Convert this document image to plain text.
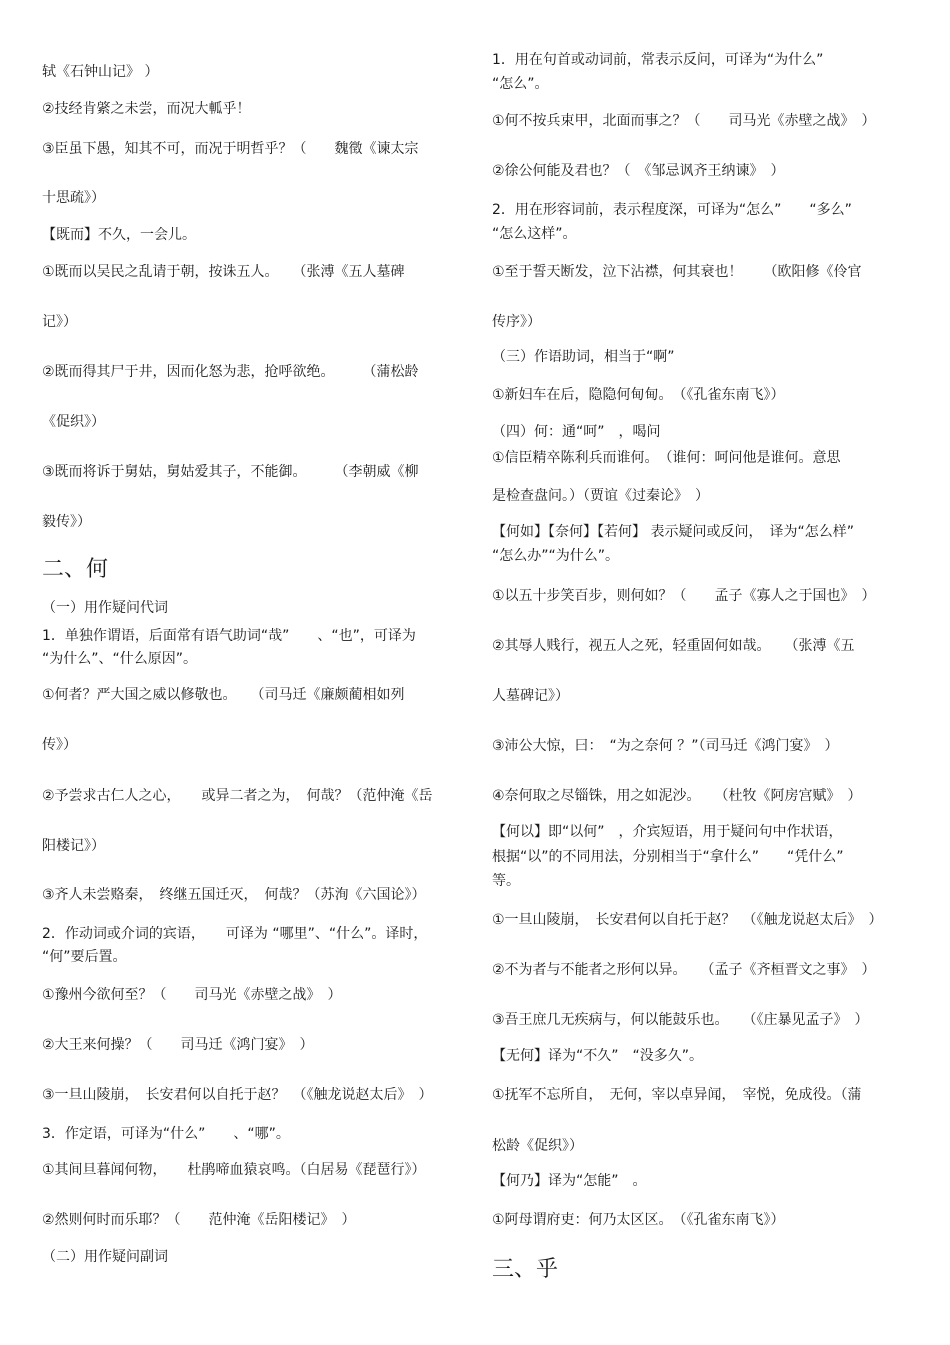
轼《石钟山记》 ）
②技经肯綮之未尝，而况大軱乎！
③臣虽下愚，知其不可，而况于明哲乎？（　　魏徵《谏太宗
十思疏》）
【既而】不久，一会儿。
①既而以吴民之乱请于朝，按诛五人。　　（张溥《五人墓碑
记》）
②既而得其尸于井，因而化怒为悲，抢呼欲绝。　　　（蒲松龄
《促织》）
③既而将诉于舅姑，舅姑爱其子，不能御。　　　（李朝威《柳
毅传》）
二、何
（一）用作疑问代词
1．单独作谓语，后面常有语气助词“哉”　　、“也”，可译为
“为什么”、“什么原因”。
①何者？严大国之威以修敬也。　　（司马迁《廉颇蔺相如列
传》）
②予尝求古仁人之心，　　或异二者之为，　何哉？（范仲淹《岳
阳楼记》）
③齐人未尝赂秦，　终继五国迁灭，　何哉？（苏洵《六国论》）
2．作动词或介词的宾语，　　可译为 “哪里”、“什么”。译时，
“何”要后置。
①豫州今欲何至？（　　司马光《赤壁之战》　）
②大王来何操？（　　司马迁《鸿门宴》　）
③一旦山陵崩，　长安君何以自托于赵？　（《触龙说赵太后》　）
3．作定语，可译为“什么”　　、“哪”。
①其间旦暮闻何物，　　杜鹃啼血猿哀鸣。（白居易《琵琶行》）
②然则何时而乐耶？（　　范仲淹《岳阳楼记》　）
（二）用作疑问副词
1．用在句首或动词前，常表示反问，可译为“为什么”
“怎么”。
①何不按兵束甲，北面而事之？（　　司马光《赤壁之战》　）
②徐公何能及君也？（　《邹忌讽齐王纳谏》　）
2．用在形容词前，表示程度深，可译为“怎么”　　“多么”
“怎么这样”。
①至于誓天断发，泣下沾襟，何其衰也！　　（欧阳修《伶官
传序》）
（三）作语助词，相当于“啊”
①新妇车在后，隐隐何甸甸。　（《孔雀东南飞》）
（四）何：通“呵”　，喝问
①信臣精卒陈利兵而谁何。　（谁何：呵问他是谁何。意思
是检查盘问。）（贾谊《过秦论》　）
【何如】【奈何】【若何】 表示疑问或反问，　译为“怎么样”
“怎么办”“为什么”。
①以五十步笑百步，则何如？（　　孟子《寡人之于国也》　）
②其辱人贱行，视五人之死，轻重固何如哉。　　（张溥《五
人墓碑记》）
③沛公大惊，曰：　“为之奈何 ？”（司马迁《鸿门宴》　）
④奈何取之尽锱铢，用之如泥沙。　　（杜牧《阿房宫赋》　）
【何以】即“以何”　，介宾短语，用于疑问句中作状语，
根据“以”的不同用法，分别相当于“拿什么”　　“凭什么”
等。
①一旦山陵崩，　长安君何以自托于赵？　（《触龙说赵太后》　）
②不为者与不能者之形何以异。　　（孟子《齐桓晋文之事》　）
③吾王庶几无疾病与，何以能鼓乐也。　　（《庄暴见孟子》　）
【无何】译为“不久”　“没多久”。
①抚军不忘所自，　无何，宰以卓异闻，　宰悦，免成役。（蒲
松龄《促织》）
【何乃】译为“怎能”　。
①阿母谓府吏：何乃太区区。　（《孔雀东南飞》）
三、乎
